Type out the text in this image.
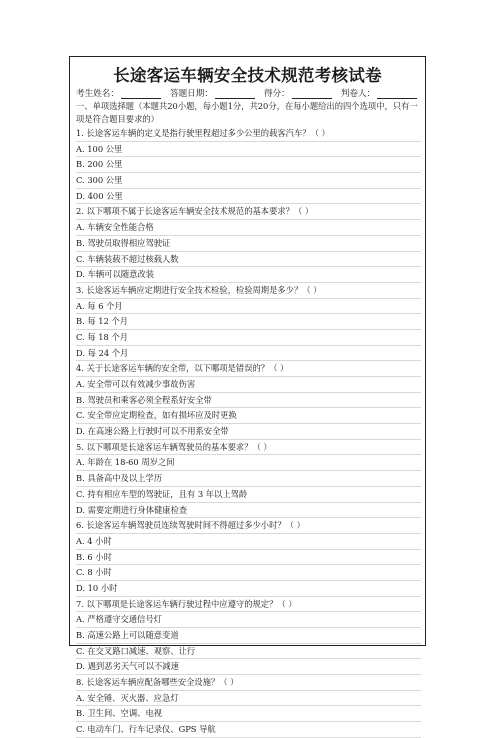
长途客运车辆安全技术规范考核试卷
考生姓名：	答题日期：	得分：	判卷人：
一、单项选择题（本题共20小题，每小题1分，共20分，在每小题给出的四个选项中，只有一项是符合题目要求的）
1. 长途客运车辆的定义是指行驶里程超过多少公里的载客汽车？（ ）
A. 100 公里
B. 200 公里
C. 300 公里
D. 400 公里
2. 以下哪项不属于长途客运车辆安全技术规范的基本要求？（ ）
A. 车辆安全性能合格
B. 驾驶员取得相应驾驶证
C. 车辆装载不超过核载人数
D. 车辆可以随意改装
3. 长途客运车辆应定期进行安全技术检验，检验周期是多少？（ ）
A. 每 6 个月
B. 每 12 个月
C. 每 18 个月
D. 每 24 个月
4. 关于长途客运车辆的安全带，以下哪项是错误的？（ ）
A. 安全带可以有效减少事故伤害
B. 驾驶员和乘客必须全程系好安全带
C. 安全带应定期检查，如有损坏应及时更换
D. 在高速公路上行驶时可以不用系安全带
5. 以下哪项是长途客运车辆驾驶员的基本要求？（ ）
A. 年龄在 18-60 周岁之间
B. 具备高中及以上学历
C. 持有相应车型的驾驶证，且有 3 年以上驾龄
D. 需要定期进行身体健康检查
6. 长途客运车辆驾驶员连续驾驶时间不得超过多少小时？（ ）
A. 4 小时
B. 6 小时
C. 8 小时
D. 10 小时
7. 以下哪项是长途客运车辆行驶过程中应遵守的规定？（ ）
A. 严格遵守交通信号灯
B. 高速公路上可以随意变道
C. 在交叉路口减速、观察、让行
D. 遇到恶劣天气可以不减速
8. 长途客运车辆应配备哪些安全设施？（ ）
A. 安全锤、灭火器、应急灯
B. 卫生间、空调、电视
C. 电动车门、行车记录仪、GPS 导航
